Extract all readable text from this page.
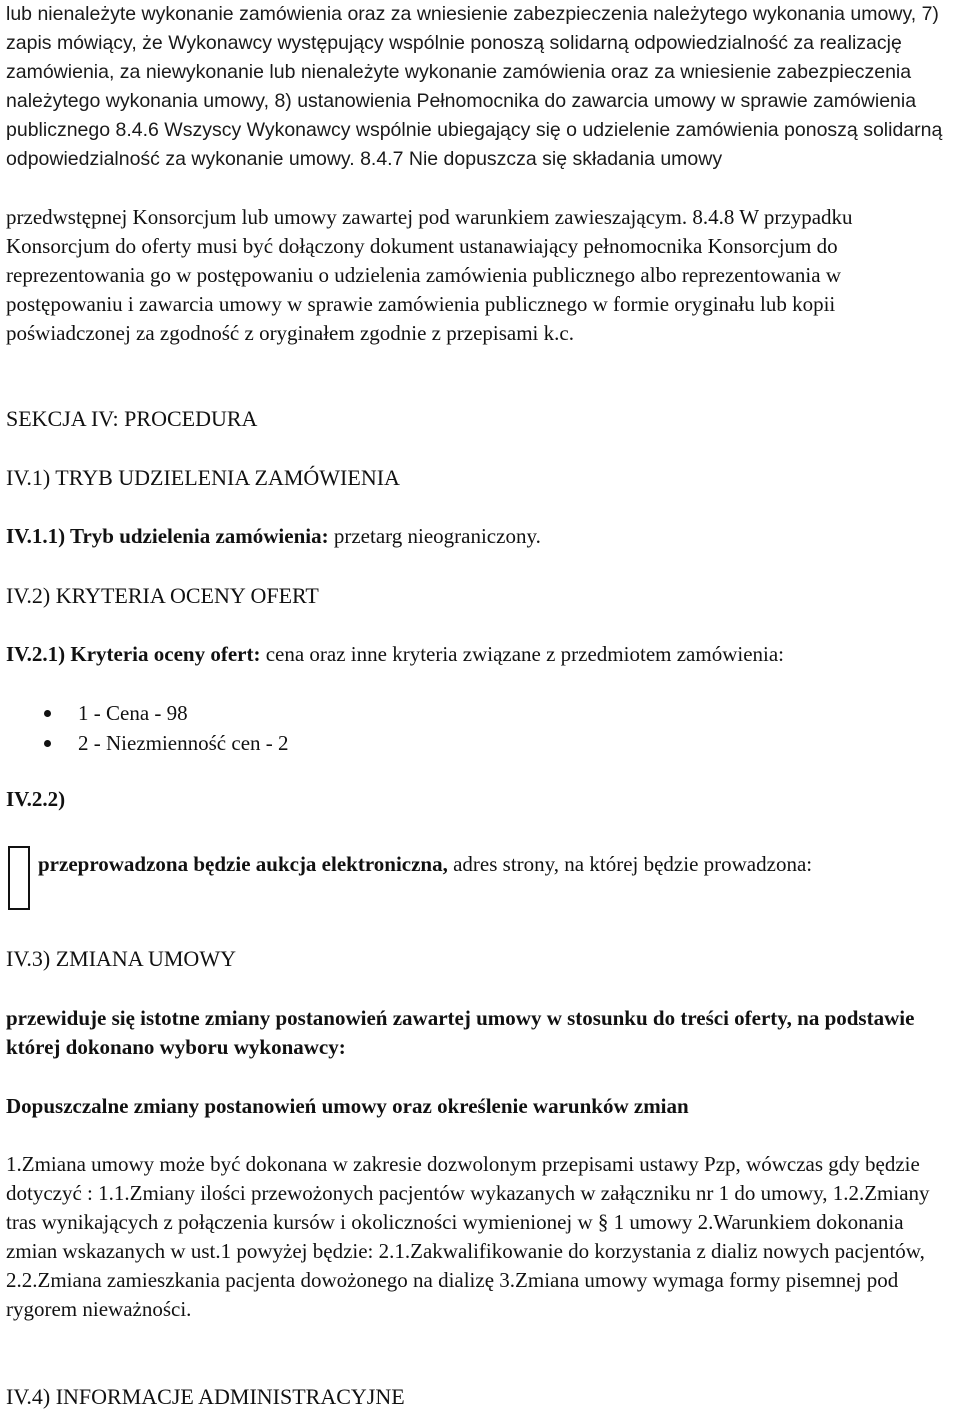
lub nienależyte wykonanie zamówienia oraz za wniesienie zabezpieczenia należytego wykonania umowy, 7) zapis mówiący, że Wykonawcy występujący wspólnie ponoszą solidarną odpowiedzialność za realizację zamówienia, za niewykonanie lub nienależyte wykonanie zamówienia oraz za wniesienie zabezpieczenia należytego wykonania umowy, 8) ustanowienia Pełnomocnika do zawarcia umowy w sprawie zamówienia publicznego 8.4.6 Wszyscy Wykonawcy wspólnie ubiegający się o udzielenie zamówienia ponoszą solidarną odpowiedzialność za wykonanie umowy. 8.4.7 Nie dopuszcza się składania umowy

przedwstępnej Konsorcjum lub umowy zawartej pod warunkiem zawieszającym. 8.4.8 W przypadku Konsorcjum do oferty musi być dołączony dokument ustanawiający pełnomocnika Konsorcjum do reprezentowania go w postępowaniu o udzielenia zamówienia publicznego albo reprezentowania w postępowaniu i zawarcia umowy w sprawie zamówienia publicznego w formie oryginału lub kopii poświadczonej za zgodność z oryginałem zgodnie z przepisami k.c.

SEKCJA IV: PROCEDURA

IV.1) TRYB UDZIELENIA ZAMÓWIENIA

IV.1.1) Tryb udzielenia zamówienia: przetarg nieograniczony.

IV.2) KRYTERIA OCENY OFERT

IV.2.1) Kryteria oceny ofert: cena oraz inne kryteria związane z przedmiotem zamówienia:

1 - Cena - 98
2 - Niezmienność cen - 2

IV.2.2)

przeprowadzona będzie aukcja elektroniczna, adres strony, na której będzie prowadzona:

IV.3) ZMIANA UMOWY

przewiduje się istotne zmiany postanowień zawartej umowy w stosunku do treści oferty, na podstawie której dokonano wyboru wykonawcy:

Dopuszczalne zmiany postanowień umowy oraz określenie warunków zmian

1.Zmiana umowy może być dokonana w zakresie dozwolonym przepisami ustawy Pzp, wówczas gdy będzie dotyczyć : 1.1.Zmiany ilości przewożonych pacjentów wykazanych w załączniku nr 1 do umowy, 1.2.Zmiany tras wynikających z połączenia kursów i okoliczności wymienionej w § 1 umowy 2.Warunkiem dokonania zmian wskazanych w ust.1 powyżej będzie: 2.1.Zakwalifikowanie do korzystania z dializ nowych pacjentów, 2.2.Zmiana zamieszkania pacjenta dowożonego na dializę 3.Zmiana umowy wymaga formy pisemnej pod rygorem nieważności.

IV.4) INFORMACJE ADMINISTRACYJNE
